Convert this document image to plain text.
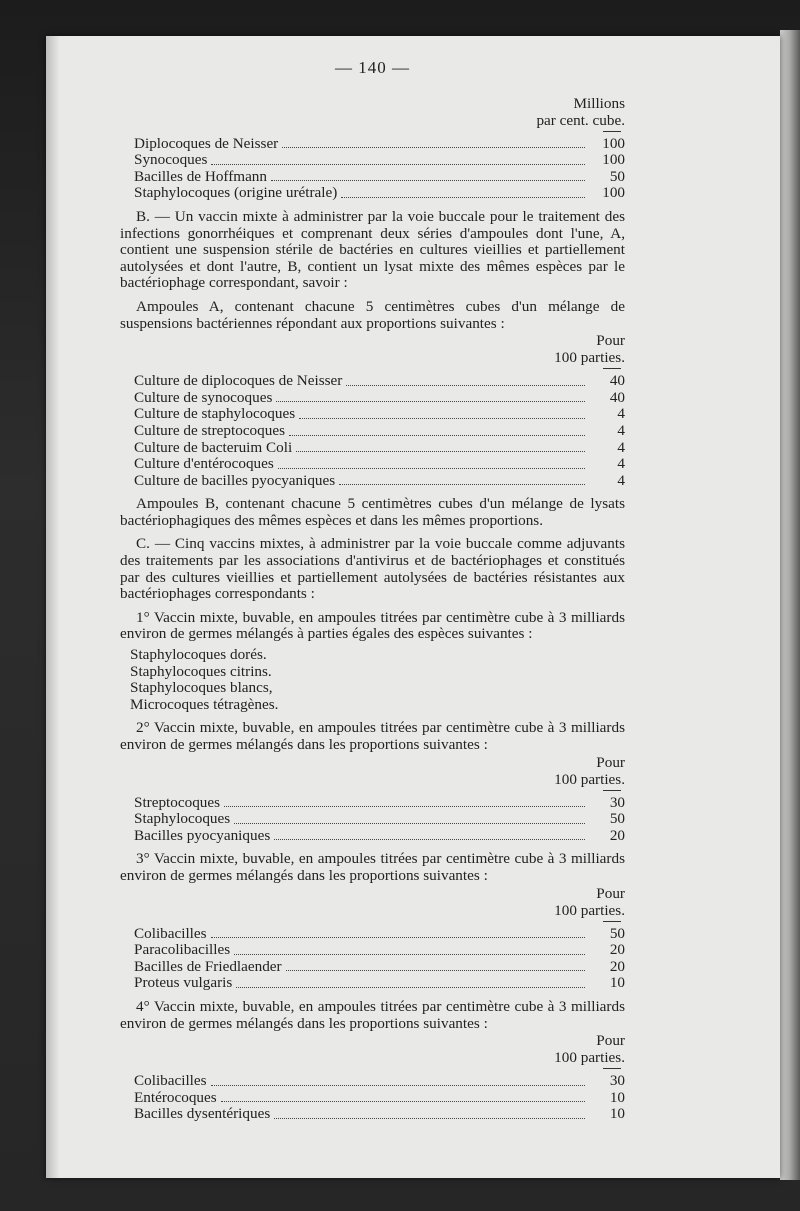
— 140 —
Millions
par cent. cube.
Diplocoques de Neisser	100
Synocoques	100
Bacilles de Hoffmann	50
Staphylocoques (origine urétrale)	100

B. — Un vaccin mixte à administrer par la voie buccale pour le traitement des infections gonorrhéiques et comprenant deux séries d'ampoules dont l'une, A, contient une suspension stérile de bactéries en cultures vieillies et partiellement autolysées et dont l'autre, B, contient un lysat mixte des mêmes espèces par le bactériophage correspondant, savoir :

Ampoules A, contenant chacune 5 centimètres cubes d'un mélange de suspensions bactériennes répondant aux proportions suivantes :

Pour
100 parties.
Culture de diplocoques de Neisser	40
Culture de synocoques	40
Culture de staphylocoques	4
Culture de streptocoques	4
Culture de bacteruim Coli	4
Culture d'entérocoques	4
Culture de bacilles pyocyaniques	4

Ampoules B, contenant chacune 5 centimètres cubes d'un mélange de lysats bactériophagiques des mêmes espèces et dans les mêmes proportions.

C. — Cinq vaccins mixtes, à administrer par la voie buccale comme adjuvants des traitements par les associations d'antivirus et de bactériophages et constitués par des cultures vieillies et partiellement autolysées de bactéries résistantes aux bactériophages correspondants :

1° Vaccin mixte, buvable, en ampoules titrées par centimètre cube à 3 milliards environ de germes mélangés à parties égales des espèces suivantes :

Staphylocoques dorés.
Staphylocoques citrins.
Staphylocoques blancs,
Microcoques tétragènes.

2° Vaccin mixte, buvable, en ampoules titrées par centimètre cube à 3 milliards environ de germes mélangés dans les proportions suivantes :

Pour
100 parties.
Streptocoques	30
Staphylocoques	50
Bacilles pyocyaniques	20

3° Vaccin mixte, buvable, en ampoules titrées par centimètre cube à 3 milliards environ de germes mélangés dans les proportions suivantes :

Pour
100 parties.
Colibacilles	50
Paracolibacilles	20
Bacilles de Friedlaender	20
Proteus vulgaris	10

4° Vaccin mixte, buvable, en ampoules titrées par centimètre cube à 3 milliards environ de germes mélangés dans les proportions suivantes :

Pour
100 parties.
Colibacilles	30
Entérocoques	10
Bacilles dysentériques	10
